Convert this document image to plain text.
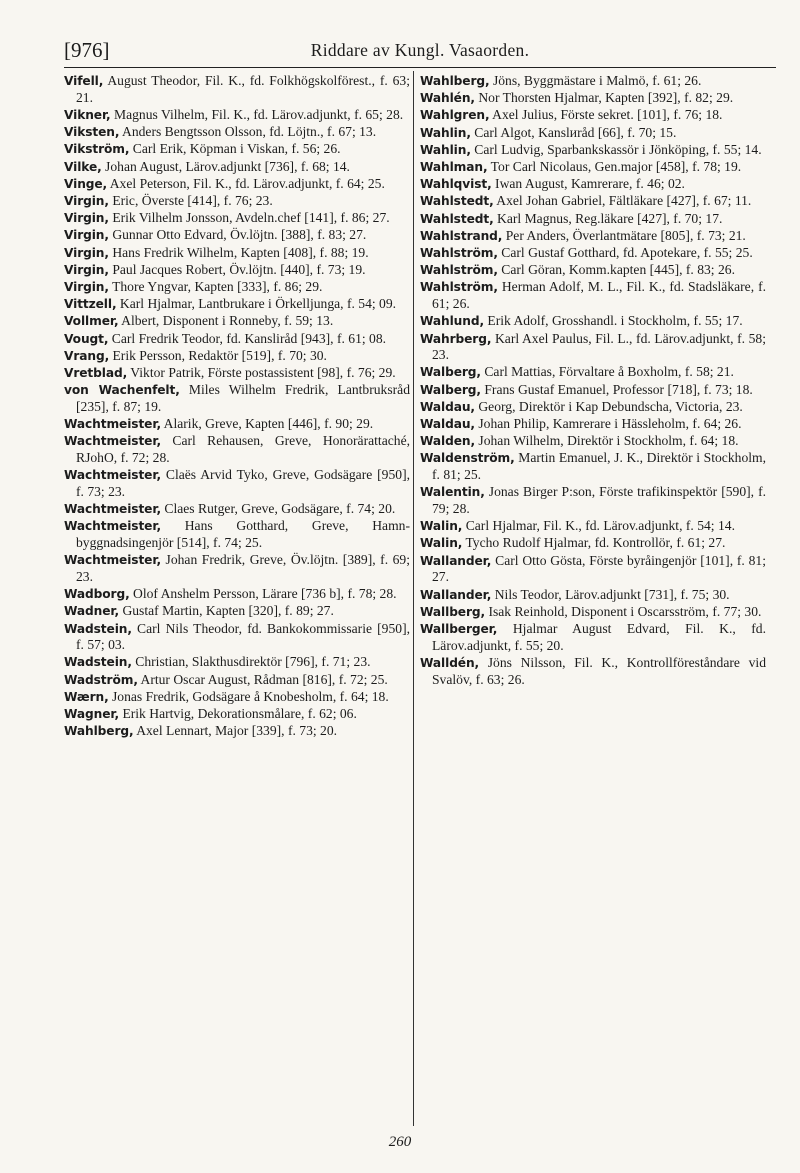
[976]	Riddare av Kungl. Vasaorden.
Vifell, August Theodor, Fil. K., fd. Folkhögskolförest., f. 63; 21.
Vikner, Magnus Vilhelm, Fil. K., fd. Lärov.adjunkt, f. 65; 28.
Viksten, Anders Bengtsson Olsson, fd. Löjtn., f. 67; 13.
Vikström, Carl Erik, Köpman i Viskan, f. 56; 26.
Vilke, Johan August, Lärov.adjunkt [736], f. 68; 14.
Vinge, Axel Peterson, Fil. K., fd. Lärov.adjunkt, f. 64; 25.
Virgin, Eric, Överste [414], f. 76; 23.
Virgin, Erik Vilhelm Jonsson, Avdeln.chef [141], f. 86; 27.
Virgin, Gunnar Otto Edvard, Öv.löjtn. [388], f. 83; 27.
Virgin, Hans Fredrik Wilhelm, Kapten [408], f. 88; 19.
Virgin, Paul Jacques Robert, Öv.löjtn. [440], f. 73; 19.
Virgin, Thore Yngvar, Kapten [333], f. 86; 29.
Vittzell, Karl Hjalmar, Lantbrukare i Örkelljunga, f. 54; 09.
Vollmer, Albert, Disponent i Ronneby, f. 59; 13.
Vougt, Carl Fredrik Teodor, fd. Kansliråd [943], f. 61; 08.
Vrang, Erik Persson, Redaktör [519], f. 70; 30.
Vretblad, Viktor Patrik, Förste postassistent [98], f. 76; 29.
von Wachenfelt, Miles Wilhelm Fredrik, Lantbruksråd [235], f. 87; 19.
Wachtmeister, Alarik, Greve, Kapten [446], f. 90; 29.
Wachtmeister, Carl Rehausen, Greve, Honorärattaché, RJohO, f. 72; 28.
Wachtmeister, Claës Arvid Tyko, Greve, Godsägare [950], f. 73; 23.
Wachtmeister, Claes Rutger, Greve, Godsägare, f. 74; 20.
Wachtmeister, Hans Gotthard, Greve, Hamnbyggnadsingenjör [514], f. 74; 25.
Wachtmeister, Johan Fredrik, Greve, Öv.löjtn. [389], f. 69; 23.
Wadborg, Olof Anshelm Persson, Lärare [736 b], f. 78; 28.
Wadner, Gustaf Martin, Kapten [320], f. 89; 27.
Wadstein, Carl Nils Theodor, fd. Bankokommissarie [950], f. 57; 03.
Wadstein, Christian, Slakthusdirektör [796], f. 71; 23.
Wadström, Artur Oscar August, Rådman [816], f. 72; 25.
Wærn, Jonas Fredrik, Godsägare å Knobesholm, f. 64; 18.
Wagner, Erik Hartvig, Dekorationsmålare, f. 62; 06.
Wahlberg, Axel Lennart, Major [339], f. 73; 20.
Wahlberg, Jöns, Byggmästare i Malmö, f. 61; 26.
Wahlén, Nor Thorsten Hjalmar, Kapten [392], f. 82; 29.
Wahlgren, Axel Julius, Förste sekret. [101], f. 76; 18.
Wahlin, Carl Algot, Kanslиråd [66], f. 70; 15.
Wahlin, Carl Ludvig, Sparbankskassör i Jönköping, f. 55; 14.
Wahlman, Tor Carl Nicolaus, Gen.major [458], f. 78; 19.
Wahlqvist, Iwan August, Kamrerare, f. 46; 02.
Wahlstedt, Axel Johan Gabriel, Fältläkare [427], f. 67; 11.
Wahlstedt, Karl Magnus, Reg.läkare [427], f. 70; 17.
Wahlstrand, Per Anders, Överlantmätare [805], f. 73; 21.
Wahlström, Carl Gustaf Gotthard, fd. Apotekare, f. 55; 25.
Wahlström, Carl Göran, Komm.kapten [445], f. 83; 26.
Wahlström, Herman Adolf, M. L., Fil. K., fd. Stadsläkare, f. 61; 26.
Wahlund, Erik Adolf, Grosshandl. i Stockholm, f. 55; 17.
Wahrberg, Karl Axel Paulus, Fil. L., fd. Lärov.adjunkt, f. 58; 23.
Walberg, Carl Mattias, Förvaltare å Boxholm, f. 58; 21.
Walberg, Frans Gustaf Emanuel, Professor [718], f. 73; 18.
Waldau, Georg, Direktör i Kap Debundscha, Victoria, 23.
Waldau, Johan Philip, Kamrerare i Hässleholm, f. 64; 26.
Walden, Johan Wilhelm, Direktör i Stockholm, f. 64; 18.
Waldenström, Martin Emanuel, J. K., Direktör i Stockholm, f. 81; 25.
Walentin, Jonas Birger P:son, Förste trafikinspektör [590], f. 79; 28.
Walin, Carl Hjalmar, Fil. K., fd. Lärov.adjunkt, f. 54; 14.
Walin, Tycho Rudolf Hjalmar, fd. Kontrollör, f. 61; 27.
Wallander, Carl Otto Gösta, Förste byråingenjör [101], f. 81; 27.
Wallander, Nils Teodor, Lärov.adjunkt [731], f. 75; 30.
Wallberg, Isak Reinhold, Disponent i Oscarsström, f. 77; 30.
Wallberger, Hjalmar August Edvard, Fil. K., fd. Lärov.adjunkt, f. 55; 20.
Walldén, Jöns Nilsson, Fil. K., Kontrollföreståndare vid Svalöv, f. 63; 26.
260
